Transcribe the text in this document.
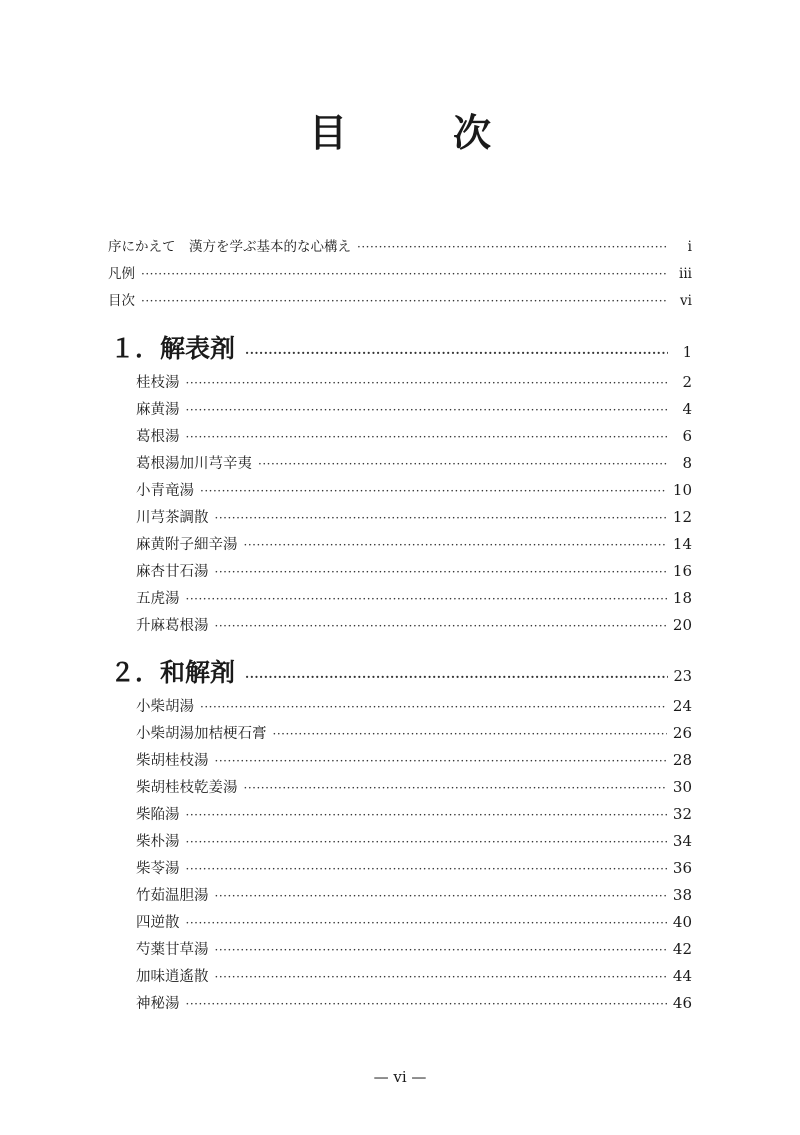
目　次
序にかえて　漢方を学ぶ基本的な心構え ·····	i
凡例 ·····	iii
目次 ·····	vi
１．解表剤 ·····	1
桂枝湯 ·····	2
麻黄湯 ·····	4
葛根湯 ·····	6
葛根湯加川芎辛夷 ·····	8
小青竜湯 ·····	10
川芎茶調散 ·····	12
麻黄附子細辛湯 ·····	14
麻杏甘石湯 ·····	16
五虎湯 ·····	18
升麻葛根湯 ·····	20
２．和解剤 ·····	23
小柴胡湯 ·····	24
小柴胡湯加桔梗石膏 ·····	26
柴胡桂枝湯 ·····	28
柴胡桂枝乾姜湯 ·····	30
柴陥湯 ·····	32
柴朴湯 ·····	34
柴苓湯 ·····	36
竹茹温胆湯 ·····	38
四逆散 ·····	40
芍薬甘草湯 ·····	42
加味逍遙散 ·····	44
神秘湯 ·····	46
— vi —
